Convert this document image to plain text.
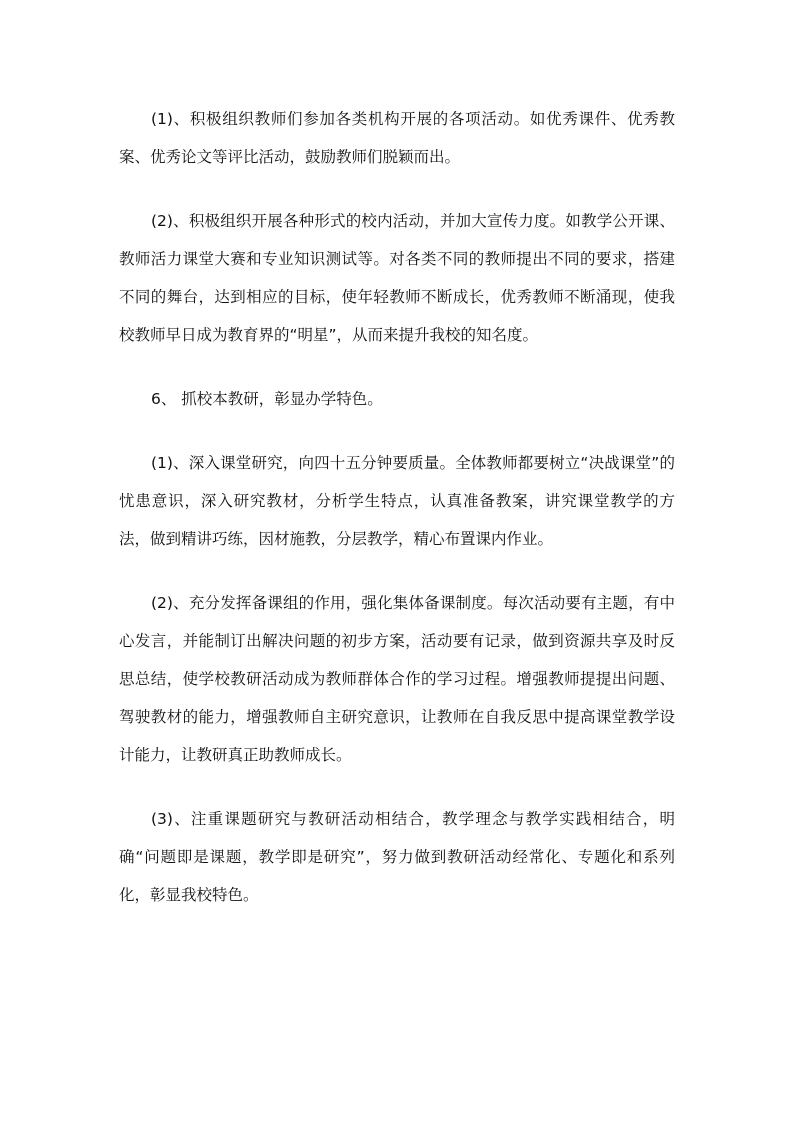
(1)、积极组织教师们参加各类机构开展的各项活动。如优秀课件、优秀教案、优秀论文等评比活动，鼓励教师们脱颖而出。

(2)、积极组织开展各种形式的校内活动，并加大宣传力度。如教学公开课、教师活力课堂大赛和专业知识测试等。对各类不同的教师提出不同的要求，搭建不同的舞台，达到相应的目标，使年轻教师不断成长，优秀教师不断涌现，使我校教师早日成为教育界的“明星”，从而来提升我校的知名度。

6、 抓校本教研，彰显办学特色。

(1)、深入课堂研究，向四十五分钟要质量。全体教师都要树立“决战课堂”的忧患意识，深入研究教材，分析学生特点，认真准备教案，讲究课堂教学的方法，做到精讲巧练，因材施教，分层教学，精心布置课内作业。

(2)、充分发挥备课组的作用，强化集体备课制度。每次活动要有主题，有中心发言，并能制订出解决问题的初步方案，活动要有记录，做到资源共享及时反思总结，使学校教研活动成为教师群体合作的学习过程。增强教师提提出问题、驾驶教材的能力，增强教师自主研究意识，让教师在自我反思中提高课堂教学设计能力，让教研真正助教师成长。

(3)、注重课题研究与教研活动相结合，教学理念与教学实践相结合，明确“问题即是课题，教学即是研究”，努力做到教研活动经常化、专题化和系列化，彰显我校特色。
